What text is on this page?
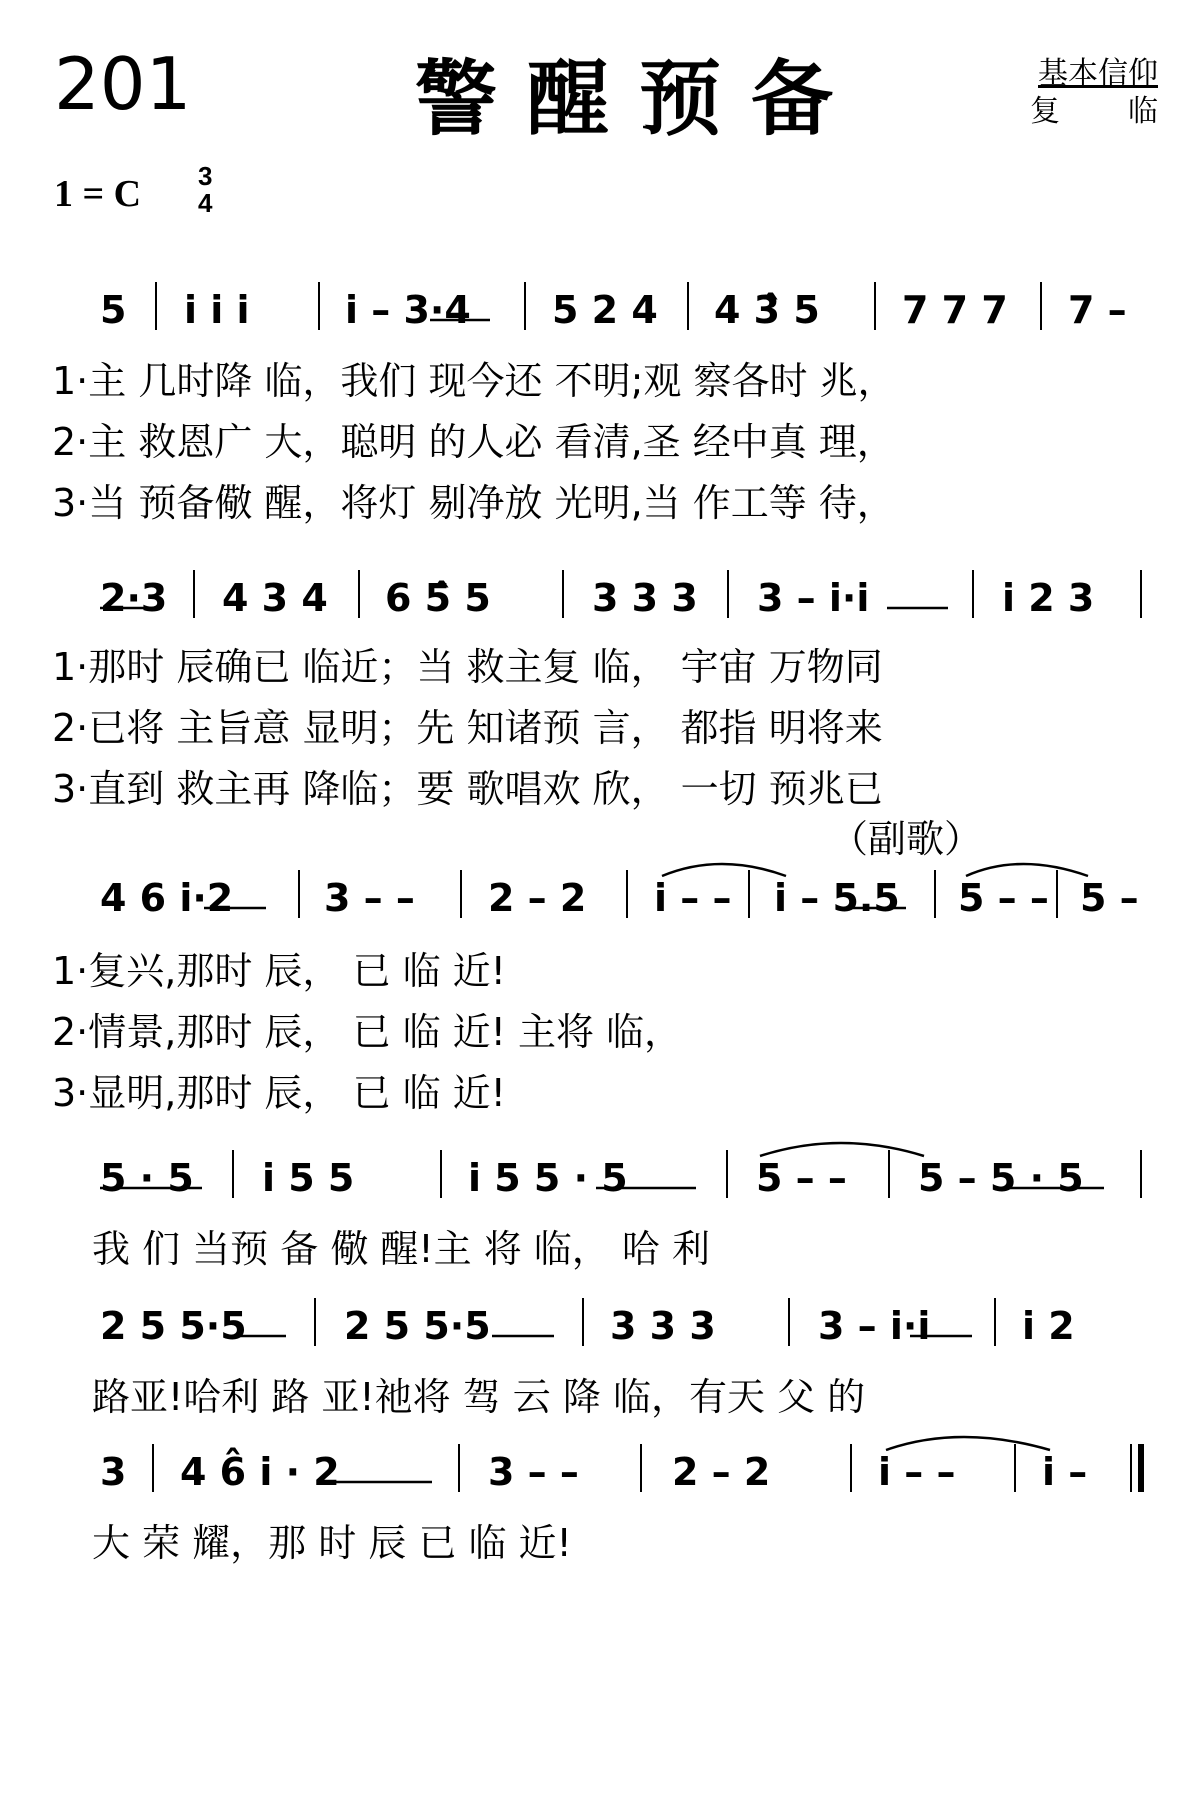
201	警醒预备	基本信仰
复 临
1 = C 3
4
5 i i i	i – 3·4 5 2 4 4 3̂ 5 7 7 7 7 –
1·主 几时降 临，我们 现今还 不明;观 察各时 兆，
2·主 救恩广 大，聪明 的人必 看清,圣 经中真 理，
3·当 预备儆 醒，将灯 剔净放 光明,当 作工等 待，
2·3 4 3 4 6 5̂ 5	3 3 3 3 – i·i	i 2 3
1·那时 辰确已 临近；当 救主复 临， 宇宙 万物同
2·已将 主旨意 显明；先 知诸预 言， 都指 明将来
3·直到 救主再 降临；要 歌唱欢 欣， 一切 预兆已
（副歌）
4 6 i·2 3 – – 2 – 2 i – – i – 5.5 5 – – 5 –
1·复兴,那时 辰， 已 临 近!
2·情景,那时 辰， 已 临 近! 主将 临，
3·显明,那时 辰， 已 临 近!
5 · 5 i 5 5	i 5 5 · 5	5 – – 5 – 5 · 5
我 们 当预 备 儆 醒!主 将 临， 哈 利
2 5 5·5	2 5 5·5	3 3 3	3 – i·i i 2
路亚!哈利 路 亚!祂将 驾 云 降 临，有天 父 的
3 4 6̂ i · 2	3 – – 2 – 2	i – – i –
大 荣 耀，那 时 辰 已 临 近!
